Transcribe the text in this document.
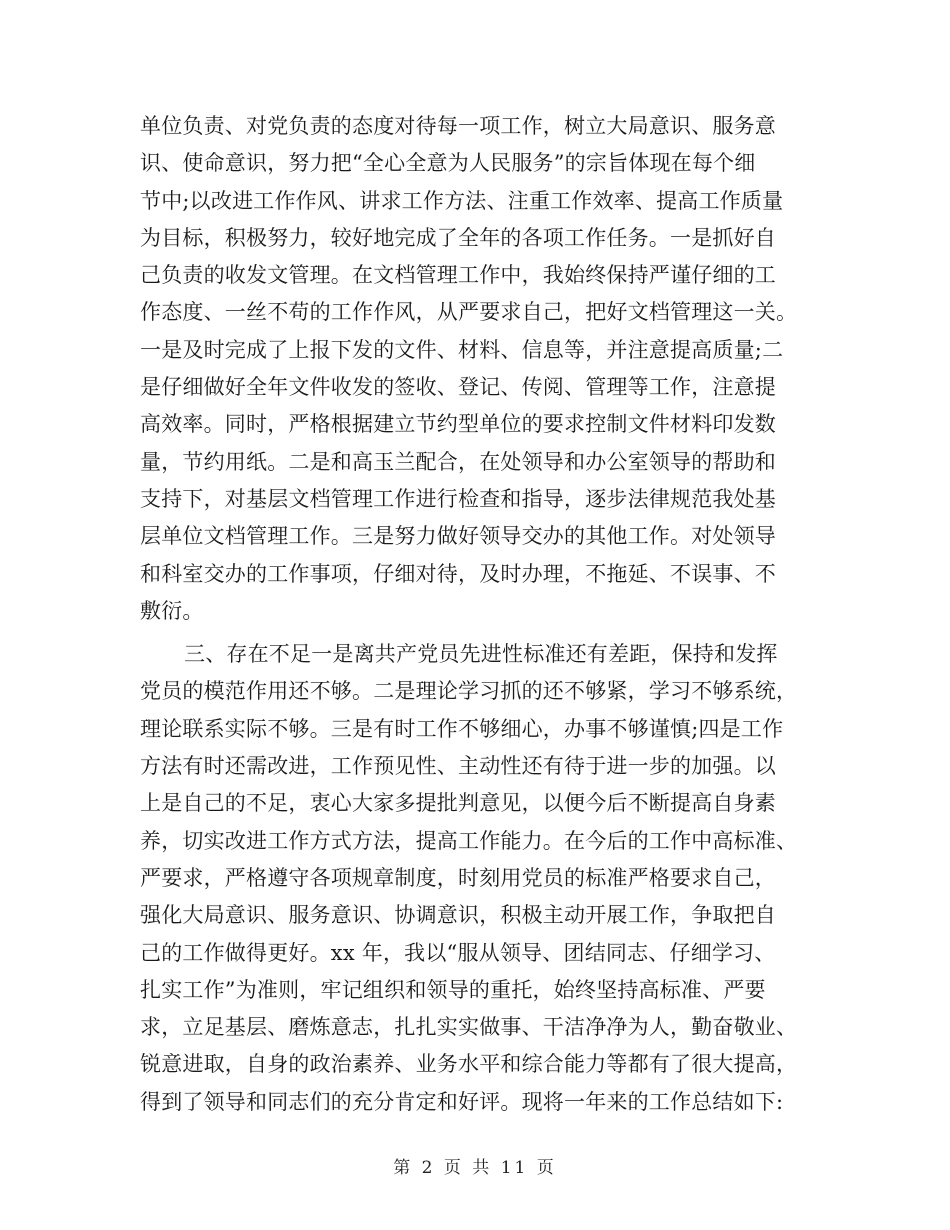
单位负责、对党负责的态度对待每一项工作，树立大局意识、服务意
识、使命意识，努力把“全心全意为人民服务”的宗旨体现在每个细
节中;以改进工作作风、讲求工作方法、注重工作效率、提高工作质量
为目标，积极努力，较好地完成了全年的各项工作任务。一是抓好自
己负责的收发文管理。在文档管理工作中，我始终保持严谨仔细的工
作态度、一丝不苟的工作作风，从严要求自己，把好文档管理这一关。
一是及时完成了上报下发的文件、材料、信息等，并注意提高质量;二
是仔细做好全年文件收发的签收、登记、传阅、管理等工作，注意提
高效率。同时，严格根据建立节约型单位的要求控制文件材料印发数
量，节约用纸。二是和高玉兰配合，在处领导和办公室领导的帮助和
支持下，对基层文档管理工作进行检查和指导，逐步法律规范我处基
层单位文档管理工作。三是努力做好领导交办的其他工作。对处领导
和科室交办的工作事项，仔细对待，及时办理，不拖延、不误事、不
敷衍。
三、存在不足一是离共产党员先进性标准还有差距，保持和发挥
党员的模范作用还不够。二是理论学习抓的还不够紧，学习不够系统，
理论联系实际不够。三是有时工作不够细心，办事不够谨慎;四是工作
方法有时还需改进，工作预见性、主动性还有待于进一步的加强。以
上是自己的不足，衷心大家多提批判意见，以便今后不断提高自身素
养，切实改进工作方式方法，提高工作能力。在今后的工作中高标准、
严要求，严格遵守各项规章制度，时刻用党员的标准严格要求自己，
强化大局意识、服务意识、协调意识，积极主动开展工作，争取把自
己的工作做得更好。xx 年，我以“服从领导、团结同志、仔细学习、
扎实工作”为准则，牢记组织和领导的重托，始终坚持高标准、严要
求，立足基层、磨炼意志，扎扎实实做事、干洁净净为人，勤奋敬业、
锐意进取，自身的政治素养、业务水平和综合能力等都有了很大提高，
得到了领导和同志们的充分肯定和好评。现将一年来的工作总结如下:
第 2 页 共 11 页
